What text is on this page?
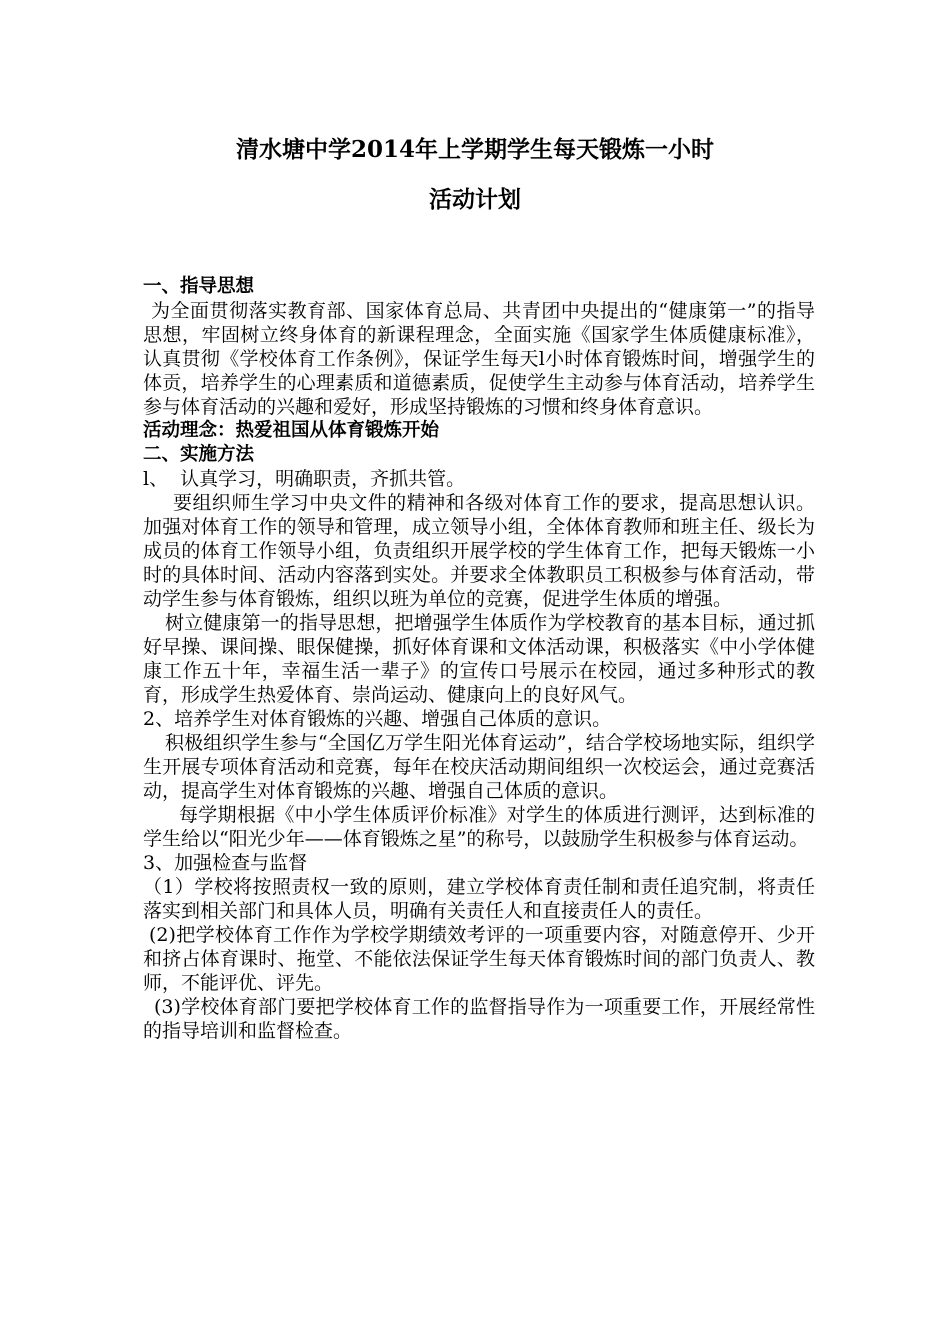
清水塘中学2014年上学期学生每天锻炼一小时
活动计划

一、指导思想

为全面贯彻落实教育部、国家体育总局、共青团中央提出的“健康第一”的指导思想，牢固树立终身体育的新课程理念，全面实施《国家学生体质健康标准》，认真贯彻《学校体育工作条例》，保证学生每天l小时体育锻炼时间，增强学生的体贡，培养学生的心理素质和道德素质，促使学生主动参与体育活动，培养学生参与体育活动的兴趣和爱好，形成坚持锻炼的习惯和终身体育意识。

活动理念：热爱祖国从体育锻炼开始

二、实施方法

l、  认真学习，明确职责，齐抓共管。

要组织师生学习中央文件的精神和各级对体育工作的要求，提高思想认识。加强对体育工作的领导和管理，成立领导小组，全体体育教师和班主任、级长为成员的体育工作领导小组，负责组织开展学校的学生体育工作，把每天锻炼一小时的具体时间、活动内容落到实处。并要求全体教职员工积极参与体育活动，带动学生参与体育锻炼，组织以班为单位的竞赛，促进学生体质的增强。

树立健康第一的指导思想，把增强学生体质作为学校教育的基本目标，通过抓好早操、课间操、眼保健操，抓好体育课和文体活动课，积极落实《中小学体健康工作五十年，幸福生活一辈子》的宣传口号展示在校园，通过多种形式的教育，形成学生热爱体育、崇尚运动、健康向上的良好风气。

2、培养学生对体育锻炼的兴趣、增强自己体质的意识。

积极组织学生参与“全国亿万学生阳光体育运动”，结合学校场地实际，组织学生开展专项体育活动和竞赛，每年在校庆活动期间组织一次校运会，通过竞赛活动，提高学生对体育锻炼的兴趣、增强自己体质的意识。

每学期根据《中小学生体质评价标准》对学生的体质进行测评，达到标准的学生给以“阳光少年——体育锻炼之星”的称号，以鼓励学生积极参与体育运动。

3、加强检查与监督

（1）学校将按照责权一致的原则，建立学校体育责任制和责任追究制，将责任落实到相关部门和具体人员，明确有关责任人和直接责任人的责任。

(2)把学校体育工作作为学校学期绩效考评的一项重要内容，对随意停开、少开和挤占体育课时、拖堂、不能依法保证学生每天体育锻炼时间的部门负责人、教师，不能评优、评先。

(3)学校体育部门要把学校体育工作的监督指导作为一项重要工作，开展经常性的指导培训和监督检查。
